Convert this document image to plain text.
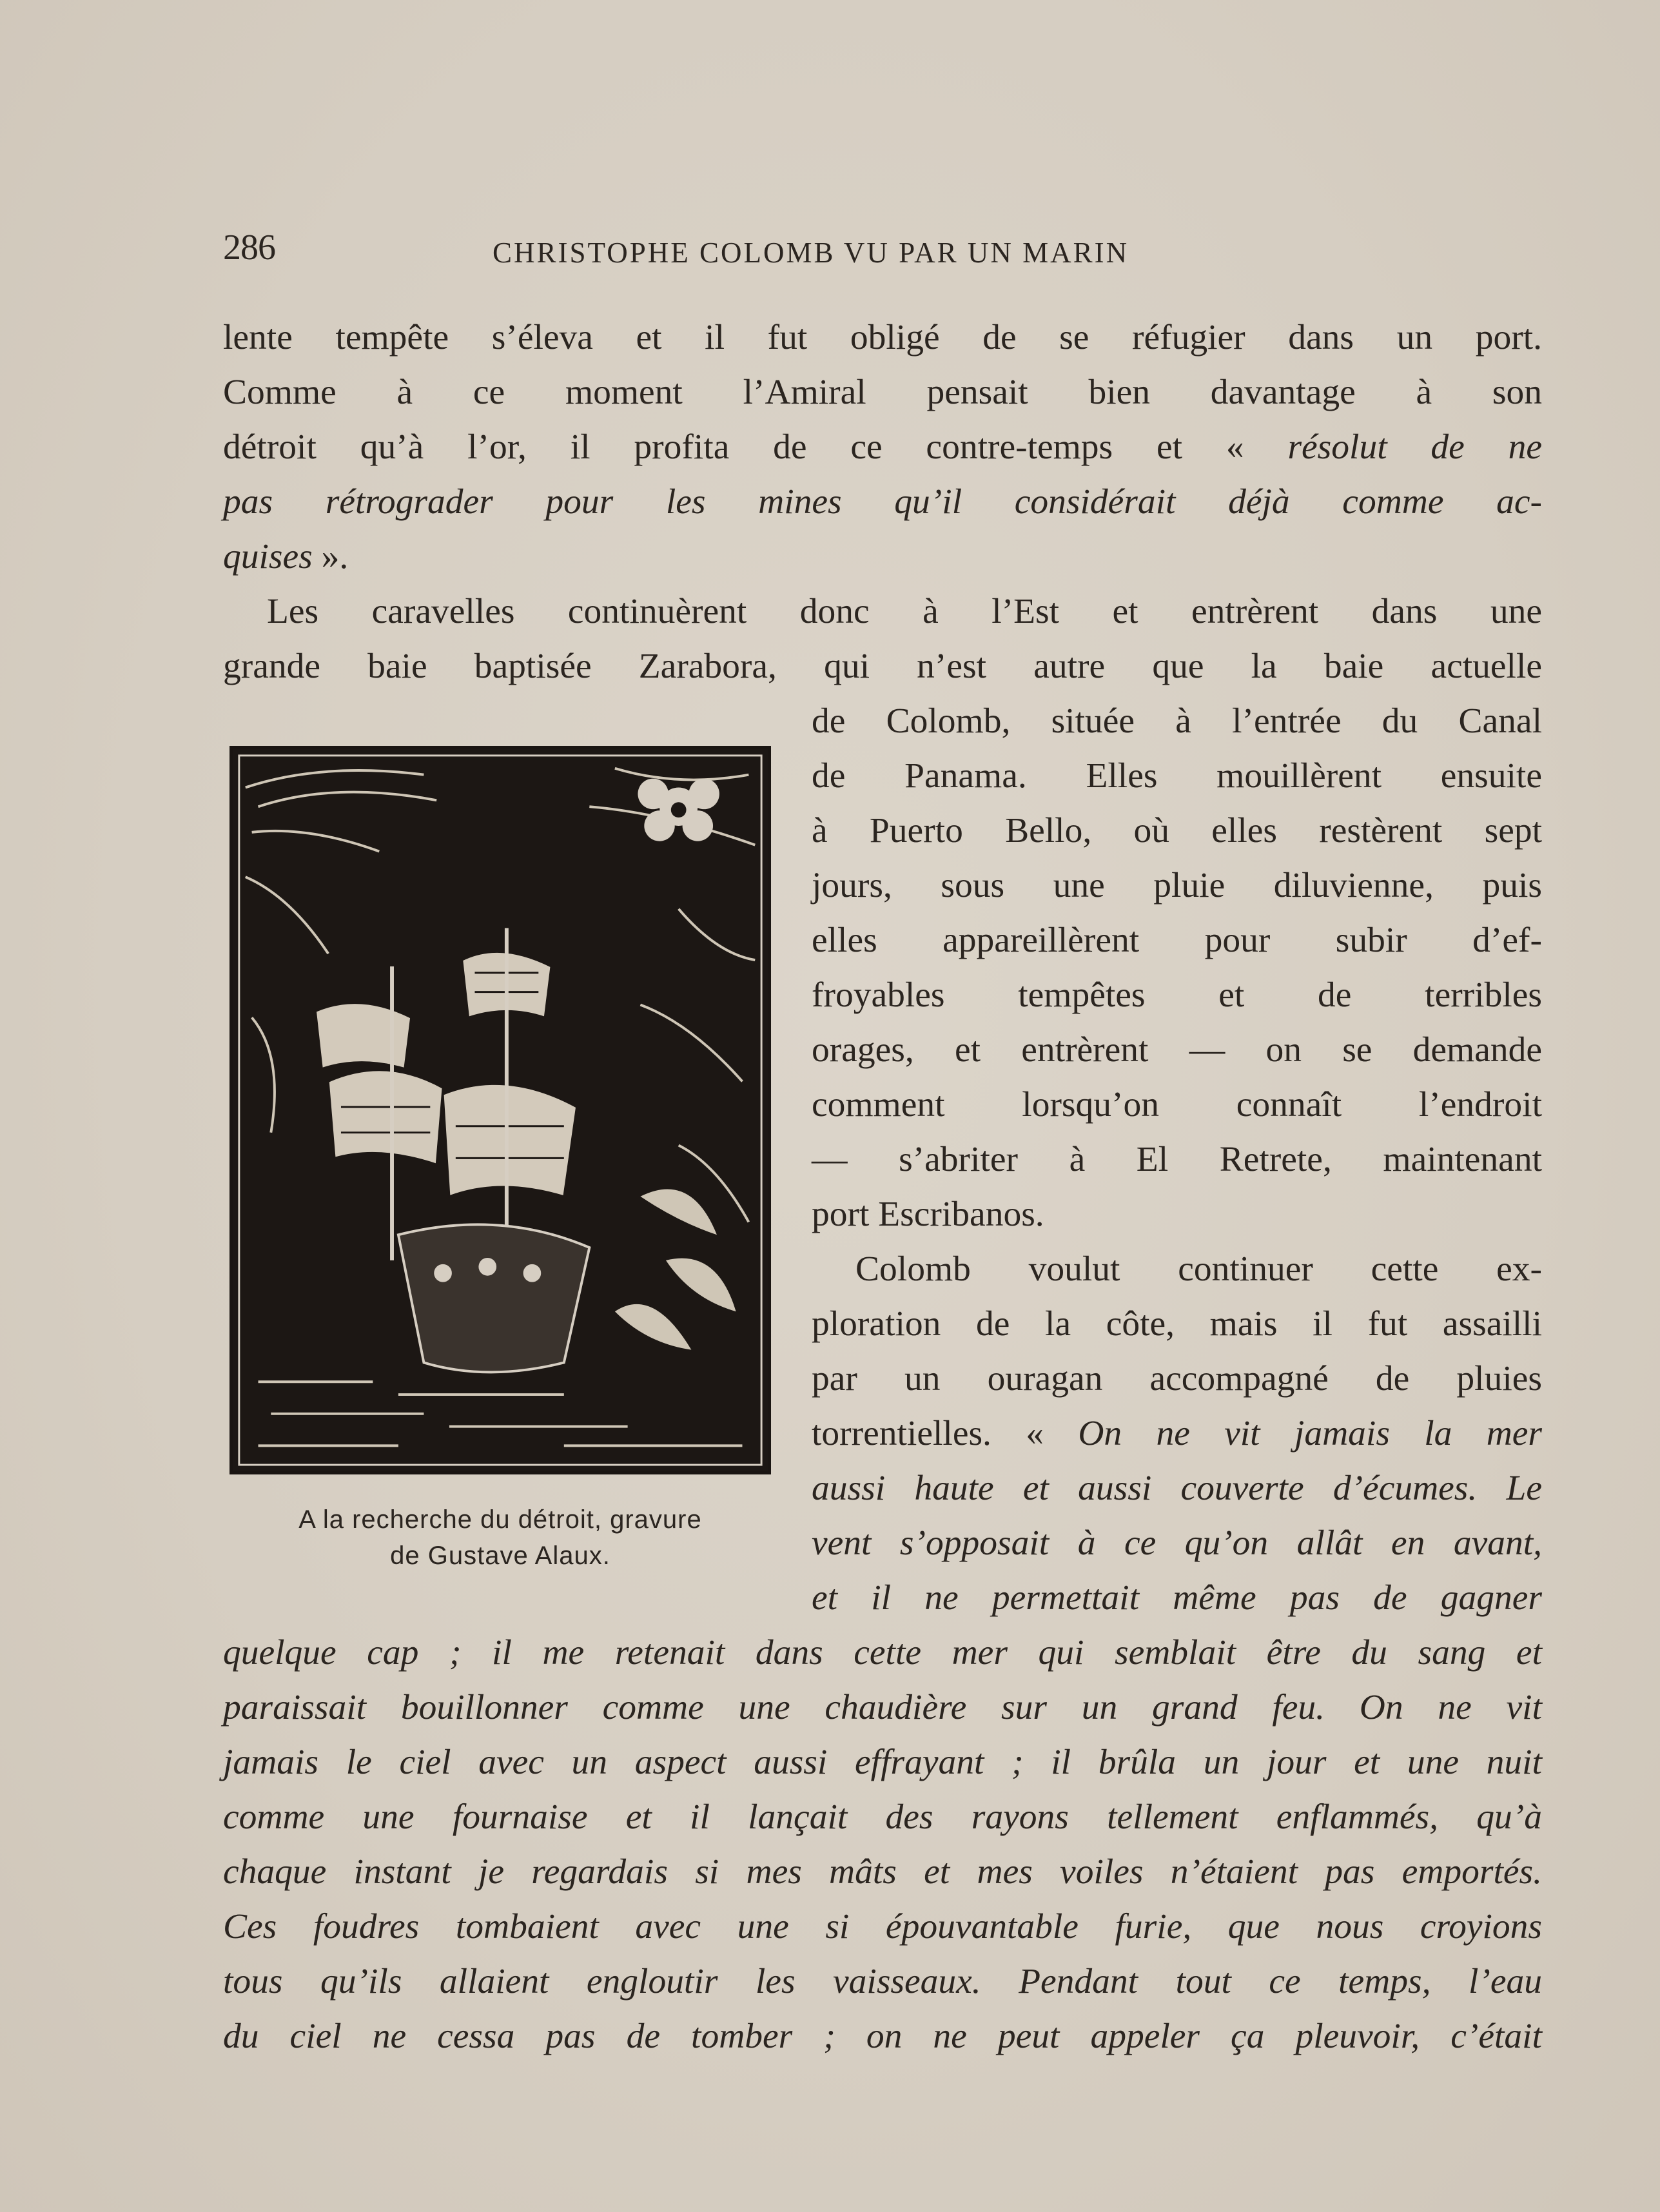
286	CHRISTOPHE COLOMB VU PAR UN MARIN
lente tempête s’éleva et il fut obligé de se réfugier dans un port.
Comme à ce moment l’Amiral pensait bien davantage à son
détroit qu’à l’or, il profita de ce contre-temps et « résolut de ne
pas rétrograder pour les mines qu’il considérait déjà comme ac-
quises ».
Les caravelles continuèrent donc à l’Est et entrèrent dans une
grande baie baptisée Zarabora, qui n’est autre que la baie actuelle
de Colomb, située à l’entrée du Canal
de Panama. Elles mouillèrent ensuite
à Puerto Bello, où elles restèrent sept
jours, sous une pluie diluvienne, puis
elles appareillèrent pour subir d’ef-
froyables tempêtes et de terribles
orages, et entrèrent — on se demande
comment lorsqu’on connaît l’endroit
— s’abriter à El Retrete, maintenant
port Escribanos.
Colomb voulut continuer cette ex-
ploration de la côte, mais il fut assailli
par un ouragan accompagné de pluies
torrentielles. « On ne vit jamais la mer
aussi haute et aussi couverte d’écumes. Le
vent s’opposait à ce qu’on allât en avant,
et il ne permettait même pas de gagner
quelque cap ; il me retenait dans cette mer qui semblait être du sang et
paraissait bouillonner comme une chaudière sur un grand feu. On ne vit
jamais le ciel avec un aspect aussi effrayant ; il brûla un jour et une nuit
comme une fournaise et il lançait des rayons tellement enflammés, qu’à
chaque instant je regardais si mes mâts et mes voiles n’étaient pas emportés.
Ces foudres tombaient avec une si épouvantable furie, que nous croyions
tous qu’ils allaient engloutir les vaisseaux. Pendant tout ce temps, l’eau
du ciel ne cessa pas de tomber ; on ne peut appeler ça pleuvoir, c’était
A la recherche du détroit, gravure
de Gustave Alaux.
